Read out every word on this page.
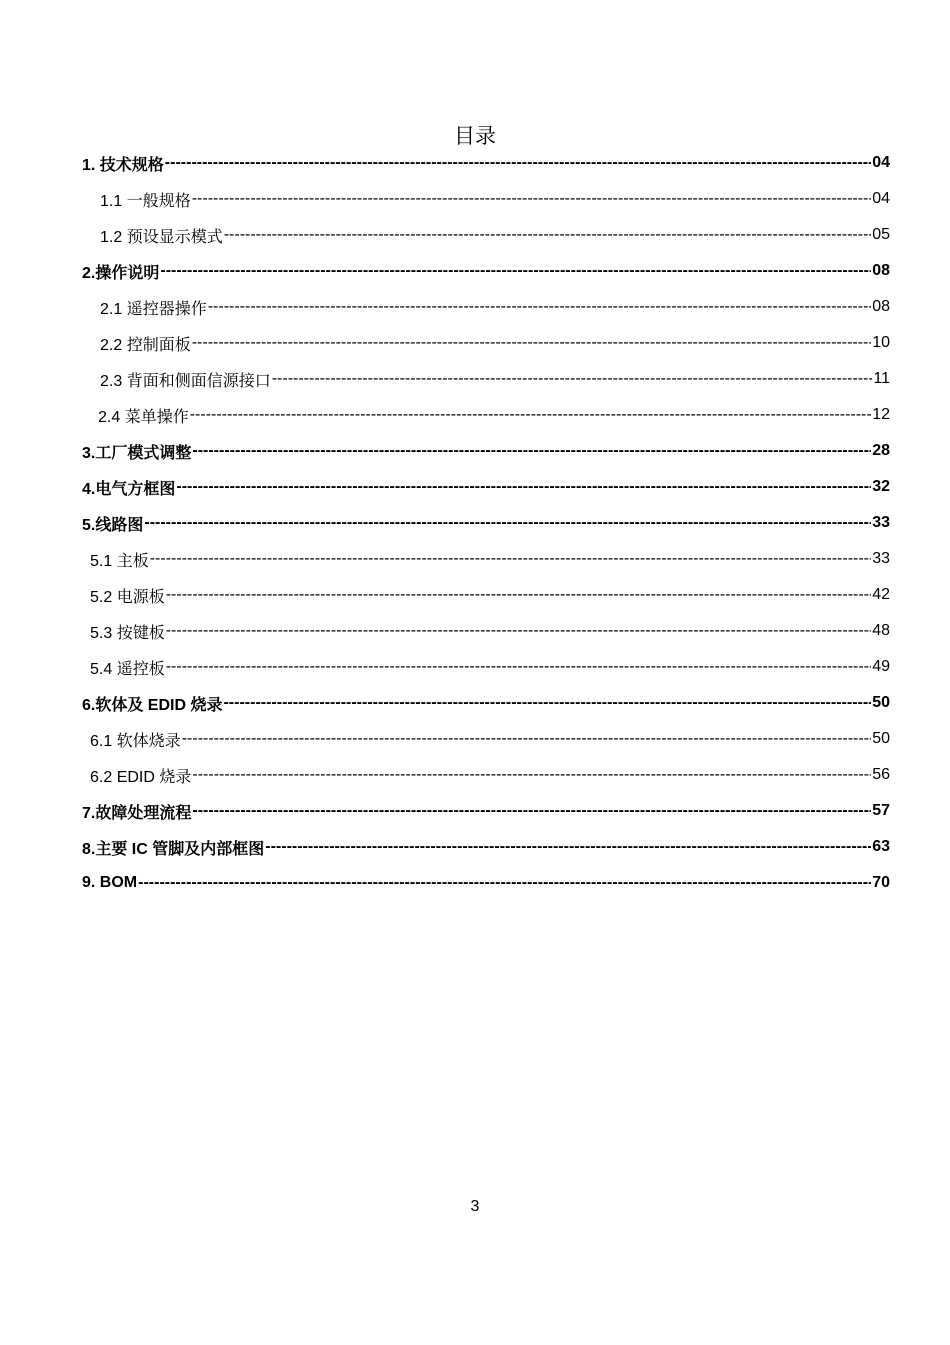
目录
1. 技术规格 -----	04
1.1 一般规格 -----	04
1.2 预设显示模式 -----	05
2.操作说明 -----	08
2.1 遥控器操作 -----	08
2.2 控制面板 -----	10
2.3 背面和侧面信源接口 -----	11
2.4 菜单操作 -----	12
3.工厂模式调整 -----	28
4.电气方框图 -----	32
5.线路图 -----	33
5.1 主板 -----	33
5.2 电源板 -----	42
5.3 按键板 -----	48
5.4 遥控板 -----	49
6.软体及 EDID 烧录 -----	50
6.1 软体烧录 -----	50
6.2 EDID 烧录 -----	56
7.故障处理流程 -----	57
8.主要 IC 管脚及内部框图 -----	63
9. BOM -----	70
3
